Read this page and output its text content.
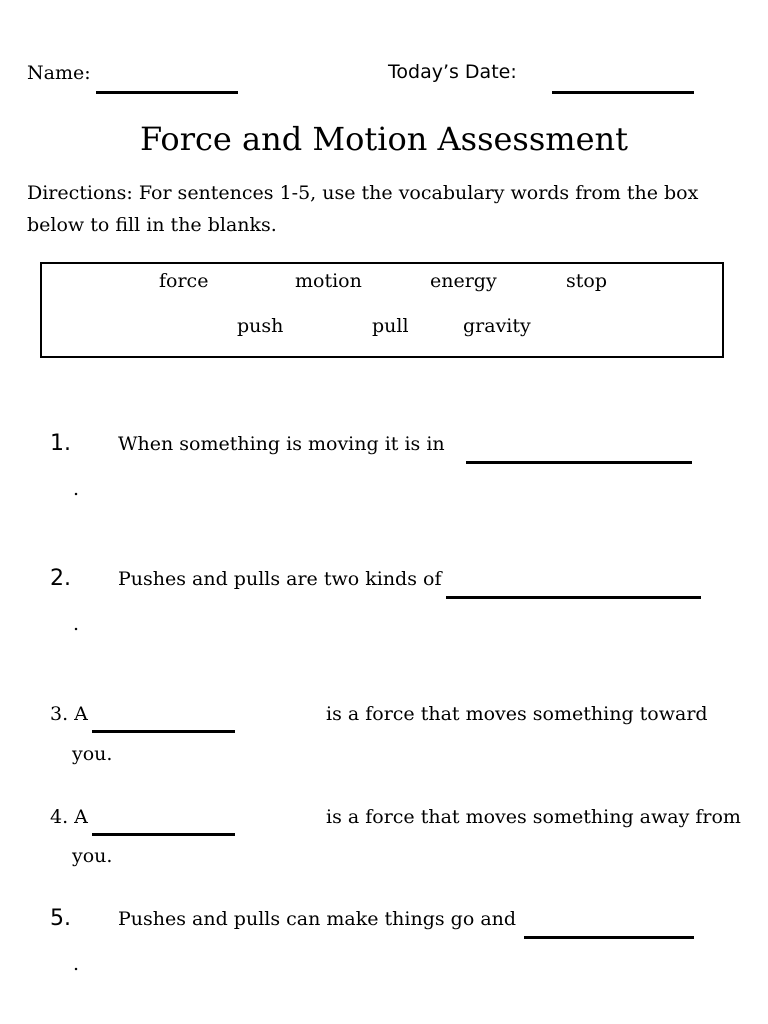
Name:	Today’s Date:
Force and Motion Assessment
Directions: For sentences 1-5, use the vocabulary words from the box
below to fill in the blanks.
force	motion	energy	stop
push	pull	gravity
1. When something is moving it is in
.
2. Pushes and pulls are two kinds of
.
3. A	is a force that moves something toward
you.
4. A	is a force that moves something away from
you.
5. Pushes and pulls can make things go and
.
